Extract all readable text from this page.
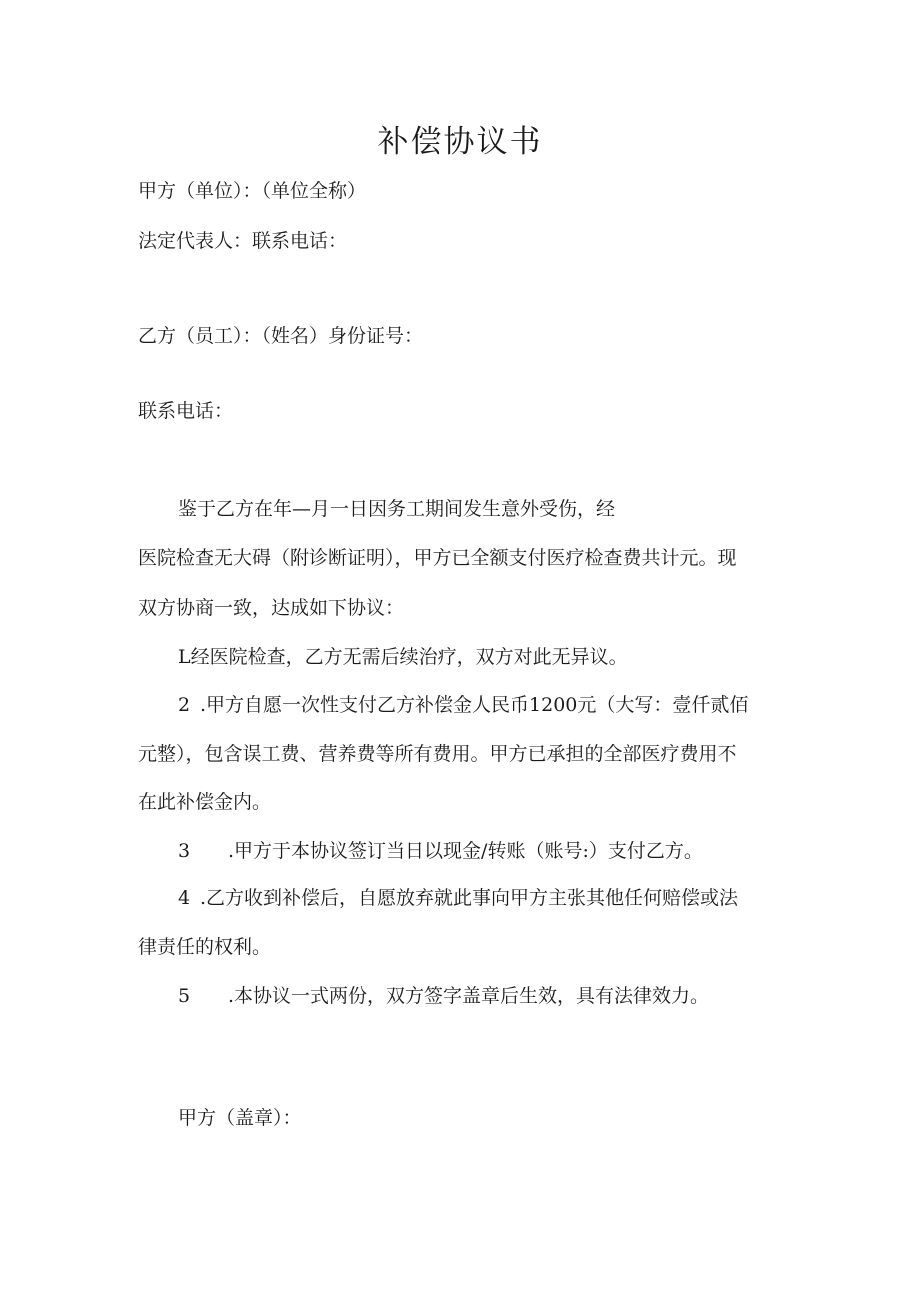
补偿协议书

甲方（单位）：（单位全称）

法定代表人：联系电话：

乙方（员工）：（姓名）身份证号：

联系电话：

鉴于乙方在年—月一日因务工期间发生意外受伤，经

医院检查无大碍（附诊断证明），甲方已全额支付医疗检查费共计元。现

双方协商一致，达成如下协议：

L经医院检查，乙方无需后续治疗，双方对此无异议。

2 .甲方自愿一次性支付乙方补偿金人民币1200元（大写：壹仟贰佰

元整），包含误工费、营养费等所有费用。甲方已承担的全部医疗费用不

在此补偿金内。

3 .甲方于本协议签订当日以现金/转账（账号:）支付乙方。

4 .乙方收到补偿后，自愿放弃就此事向甲方主张其他任何赔偿或法

律责任的权利。

5 .本协议一式两份，双方签字盖章后生效，具有法律效力。

甲方（盖章）：
